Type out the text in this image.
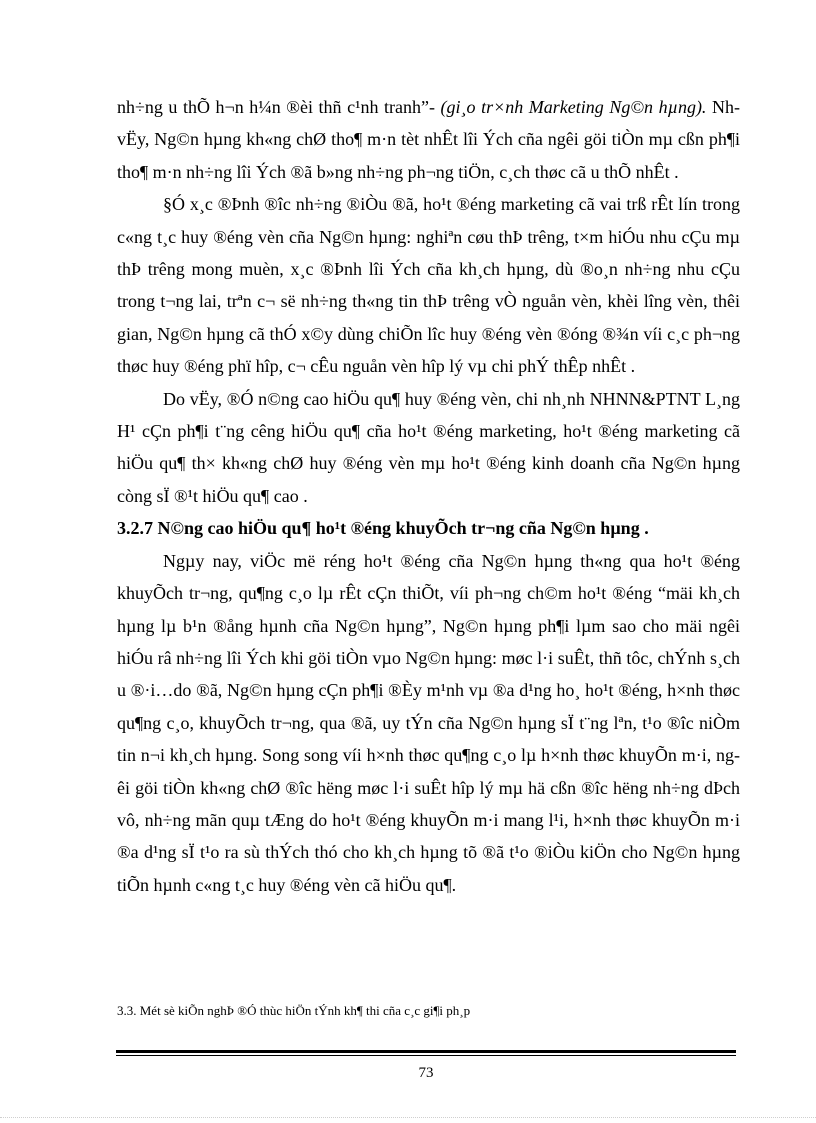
nh÷ng u thÕ h¬n h¼n ®èi thñ c¹nh tranh”- (gi¸o tr×nh Marketing Ng©n hµng). Nh vËy, Ng©n hµng kh«ng chØ tho¶ m·n tèt nhÊt lîi Ých cña ngêi göi tiÒn mµ cßn ph¶i tho¶ m·n nh÷ng lîi Ých ®ã b»ng nh÷ng ph¬ng tiÖn, c¸ch thøc cã u thÕ nhÊt .

§Ó x¸c ®Þnh ®îc nh÷ng ®iÒu ®ã, ho¹t ®éng marketing cã vai trß rÊt lín trong c«ng t¸c huy ®éng vèn cña Ng©n hµng: nghiªn cøu thÞ trêng, t×m hiÓu nhu cÇu mµ thÞ trêng mong muèn, x¸c ®Þnh lîi Ých cña kh¸ch hµng, dù ®o¸n nh÷ng nhu cÇu trong t¬ng lai, trªn c¬ së nh÷ng th«ng tin thÞ trêng vÒ nguån vèn, khèi lîng vèn, thêi gian, Ng©n hµng cã thÓ x©y dùng chiÕn lîc huy ®éng vèn ®óng ®¾n víi c¸c ph¬ng thøc huy ®éng phï hîp, c¬ cÊu nguån vèn hîp lý vµ chi phÝ thÊp nhÊt .

Do vËy, ®Ó n©ng cao hiÖu qu¶ huy ®éng vèn, chi nh¸nh NHNN&PTNT L¸ng H¹ cÇn ph¶i t¨ng cêng hiÖu qu¶ cña ho¹t ®éng marketing, ho¹t ®éng marketing cã hiÖu qu¶ th× kh«ng chØ huy ®éng vèn mµ ho¹t ®éng kinh doanh cña Ng©n hµng còng sÏ ®¹t hiÖu qu¶ cao .

3.2.7 N©ng cao hiÖu qu¶ ho¹t ®éng khuyÕch tr¬ng cña Ng©n hµng .

Ngµy nay, viÖc më réng ho¹t ®éng cña Ng©n hµng th«ng qua ho¹t ®éng khuyÕch tr¬ng, qu¶ng c¸o lµ rÊt cÇn thiÕt, víi ph¬ng ch©m ho¹t ®éng “mäi kh¸ch hµng lµ b¹n ®ång hµnh cña Ng©n hµng”, Ng©n hµng ph¶i lµm sao cho mäi ngêi hiÓu râ nh÷ng lîi Ých khi göi tiÒn vµo Ng©n hµng: møc l·i suÊt, thñ tôc, chÝnh s¸ch u ®·i…do ®ã, Ng©n hµng cÇn ph¶i ®Èy m¹nh vµ ®a d¹ng ho¸ ho¹t ®éng, h×nh thøc qu¶ng c¸o, khuyÕch tr¬ng, qua ®ã, uy tÝn cña Ng©n hµng sÏ t¨ng lªn, t¹o ®îc niÒm tin n¬i kh¸ch hµng. Song song víi h×nh thøc qu¶ng c¸o lµ h×nh thøc khuyÕn m·i, ngêi göi tiÒn kh«ng chØ ®îc hëng møc l·i suÊt hîp lý mµ hä cßn ®îc hëng nh÷ng dÞch vô, nh÷ng mãn quµ tÆng do ho¹t ®éng khuyÕn m·i mang l¹i, h×nh thøc khuyÕn m·i ®a d¹ng sÏ t¹o ra sù thÝch thó cho kh¸ch hµng tõ ®ã t¹o ®iÒu kiÖn cho Ng©n hµng tiÕn hµnh c«ng t¸c huy ®éng vèn cã hiÖu qu¶.

3.3. Mét sè kiÕn nghÞ ®Ó thùc hiÖn tÝnh kh¶ thi cña c¸c gi¶i ph¸p
73
